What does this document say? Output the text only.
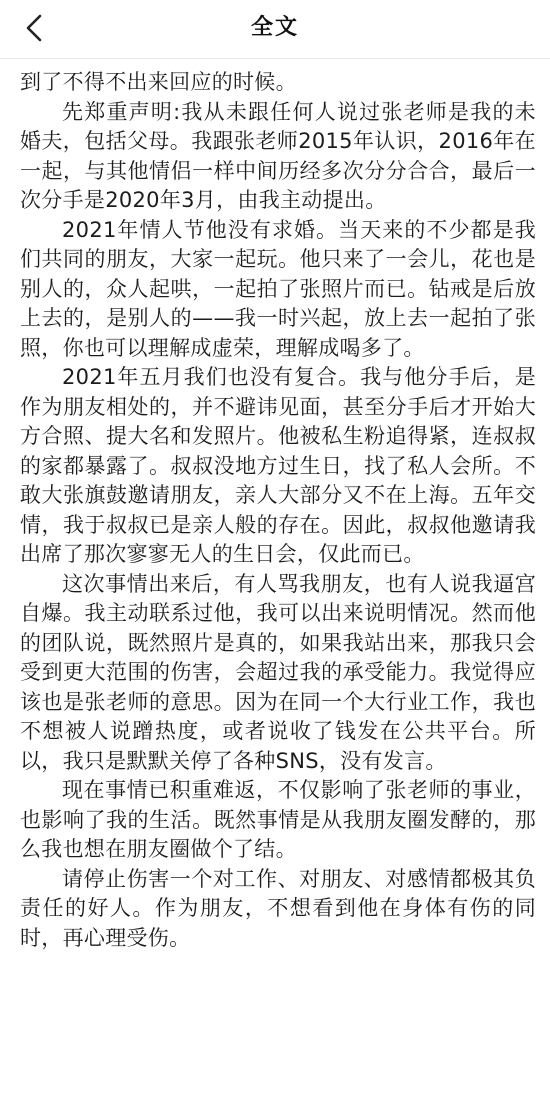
全文

到了不得不出来回应的时候。

先郑重声明:我从未跟任何人说过张老师是我的未婚夫，包括父母。我跟张老师2015年认识，2016年在一起，与其他情侣一样中间历经多次分分合合，最后一次分手是2020年3月，由我主动提出。

2021年情人节他没有求婚。当天来的不少都是我们共同的朋友，大家一起玩。他只来了一会儿，花也是别人的，众人起哄，一起拍了张照片而已。钻戒是后放上去的，是别人的——我一时兴起，放上去一起拍了张照，你也可以理解成虚荣，理解成喝多了。

2021年五月我们也没有复合。我与他分手后，是作为朋友相处的，并不避讳见面，甚至分手后才开始大方合照、提大名和发照片。他被私生粉追得紧，连叔叔的家都暴露了。叔叔没地方过生日，找了私人会所。不敢大张旗鼓邀请朋友，亲人大部分又不在上海。五年交情，我于叔叔已是亲人般的存在。因此，叔叔他邀请我出席了那次寥寥无人的生日会，仅此而已。

这次事情出来后，有人骂我朋友，也有人说我逼宫自爆。我主动联系过他，我可以出来说明情况。然而他的团队说，既然照片是真的，如果我站出来，那我只会受到更大范围的伤害，会超过我的承受能力。我觉得应该也是张老师的意思。因为在同一个大行业工作，我也不想被人说蹭热度，或者说收了钱发在公共平台。所以，我只是默默关停了各种SNS，没有发言。

现在事情已积重难返，不仅影响了张老师的事业，也影响了我的生活。既然事情是从我朋友圈发酵的，那么我也想在朋友圈做个了结。

请停止伤害一个对工作、对朋友、对感情都极其负责任的好人。作为朋友，不想看到他在身体有伤的同时，再心理受伤。
